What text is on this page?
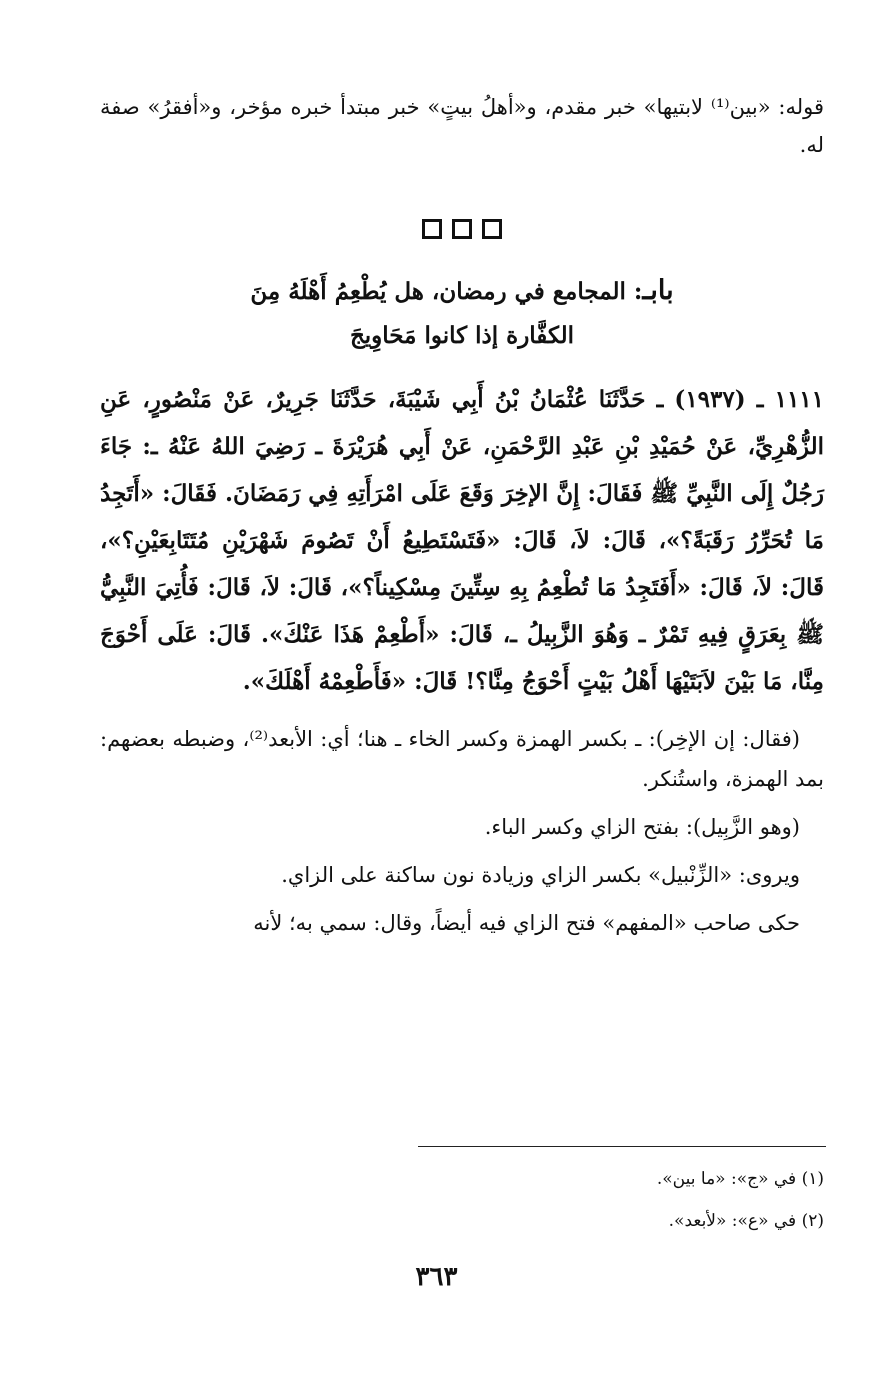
قوله: «بين⁽¹⁾ لابتيها» خبر مقدم، و«أهلُ بيتٍ» خبر مبتدأ خبره مؤخر، و«أفقرُ» صفة له.

بابـ: المجامع في رمضان، هل يُطْعِمُ أَهْلَهُ مِنَ
الكفَّارة إذا كانوا مَحَاوِيجَ

١١١١ ـ (١٩٣٧) ـ حَدَّثَنَا عُثْمَانُ بْنُ أَبِي شَيْبَةَ، حَدَّثَنَا جَرِيرٌ، عَنْ مَنْصُورٍ، عَنِ الزُّهْرِيِّ، عَنْ حُمَيْدِ بْنِ عَبْدِ الرَّحْمَنِ، عَنْ أَبِي هُرَيْرَةَ ـ رَضِيَ اللهُ عَنْهُ ـ: جَاءَ رَجُلٌ إِلَى النَّبِيِّ ﷺ فَقَالَ: إِنَّ الإخِرَ وَقَعَ عَلَى امْرَأَتِهِ فِي رَمَضَانَ. فَقَالَ: «أَتَجِدُ مَا تُحَرِّرُ رَقَبَةً؟»، قَالَ: لاَ، قَالَ: «فَتَسْتَطِيعُ أَنْ تَصُومَ شَهْرَيْنِ مُتَتَابِعَيْنِ؟»، قَالَ: لاَ، قَالَ: «أَفَتَجِدُ مَا تُطْعِمُ بِهِ سِتِّينَ مِسْكِيناً؟»، قَالَ: لاَ، قَالَ: فَأُتِيَ النَّبِيُّ ﷺ بِعَرَقٍ فِيهِ تَمْرٌ ـ وَهُوَ الزَّبِيلُ ـ، قَالَ: «أَطْعِمْ هَذَا عَنْكَ». قَالَ: عَلَى أَحْوَجَ مِنَّا، مَا بَيْنَ لاَبَتَيْهَا أَهْلُ بَيْتٍ أَحْوَجُ مِنَّا؟! قَالَ: «فَأَطْعِمْهُ أَهْلَكَ».

(فقال: إن الإخِر): ـ بكسر الهمزة وكسر الخاء ـ هنا؛ أي: الأبعد⁽²⁾، وضبطه بعضهم: بمد الهمزة، واستُنكر.

(وهو الزَّبِيل): بفتح الزاي وكسر الباء.

ويروى: «الزِّنْبيل» بكسر الزاي وزيادة نون ساكنة على الزاي.

حكى صاحب «المفهم» فتح الزاي فيه أيضاً، وقال: سمي به؛ لأنه

(١) في «ج»: «ما بين».
(٢) في «ع»: «لأبعد».
٣٦٣
